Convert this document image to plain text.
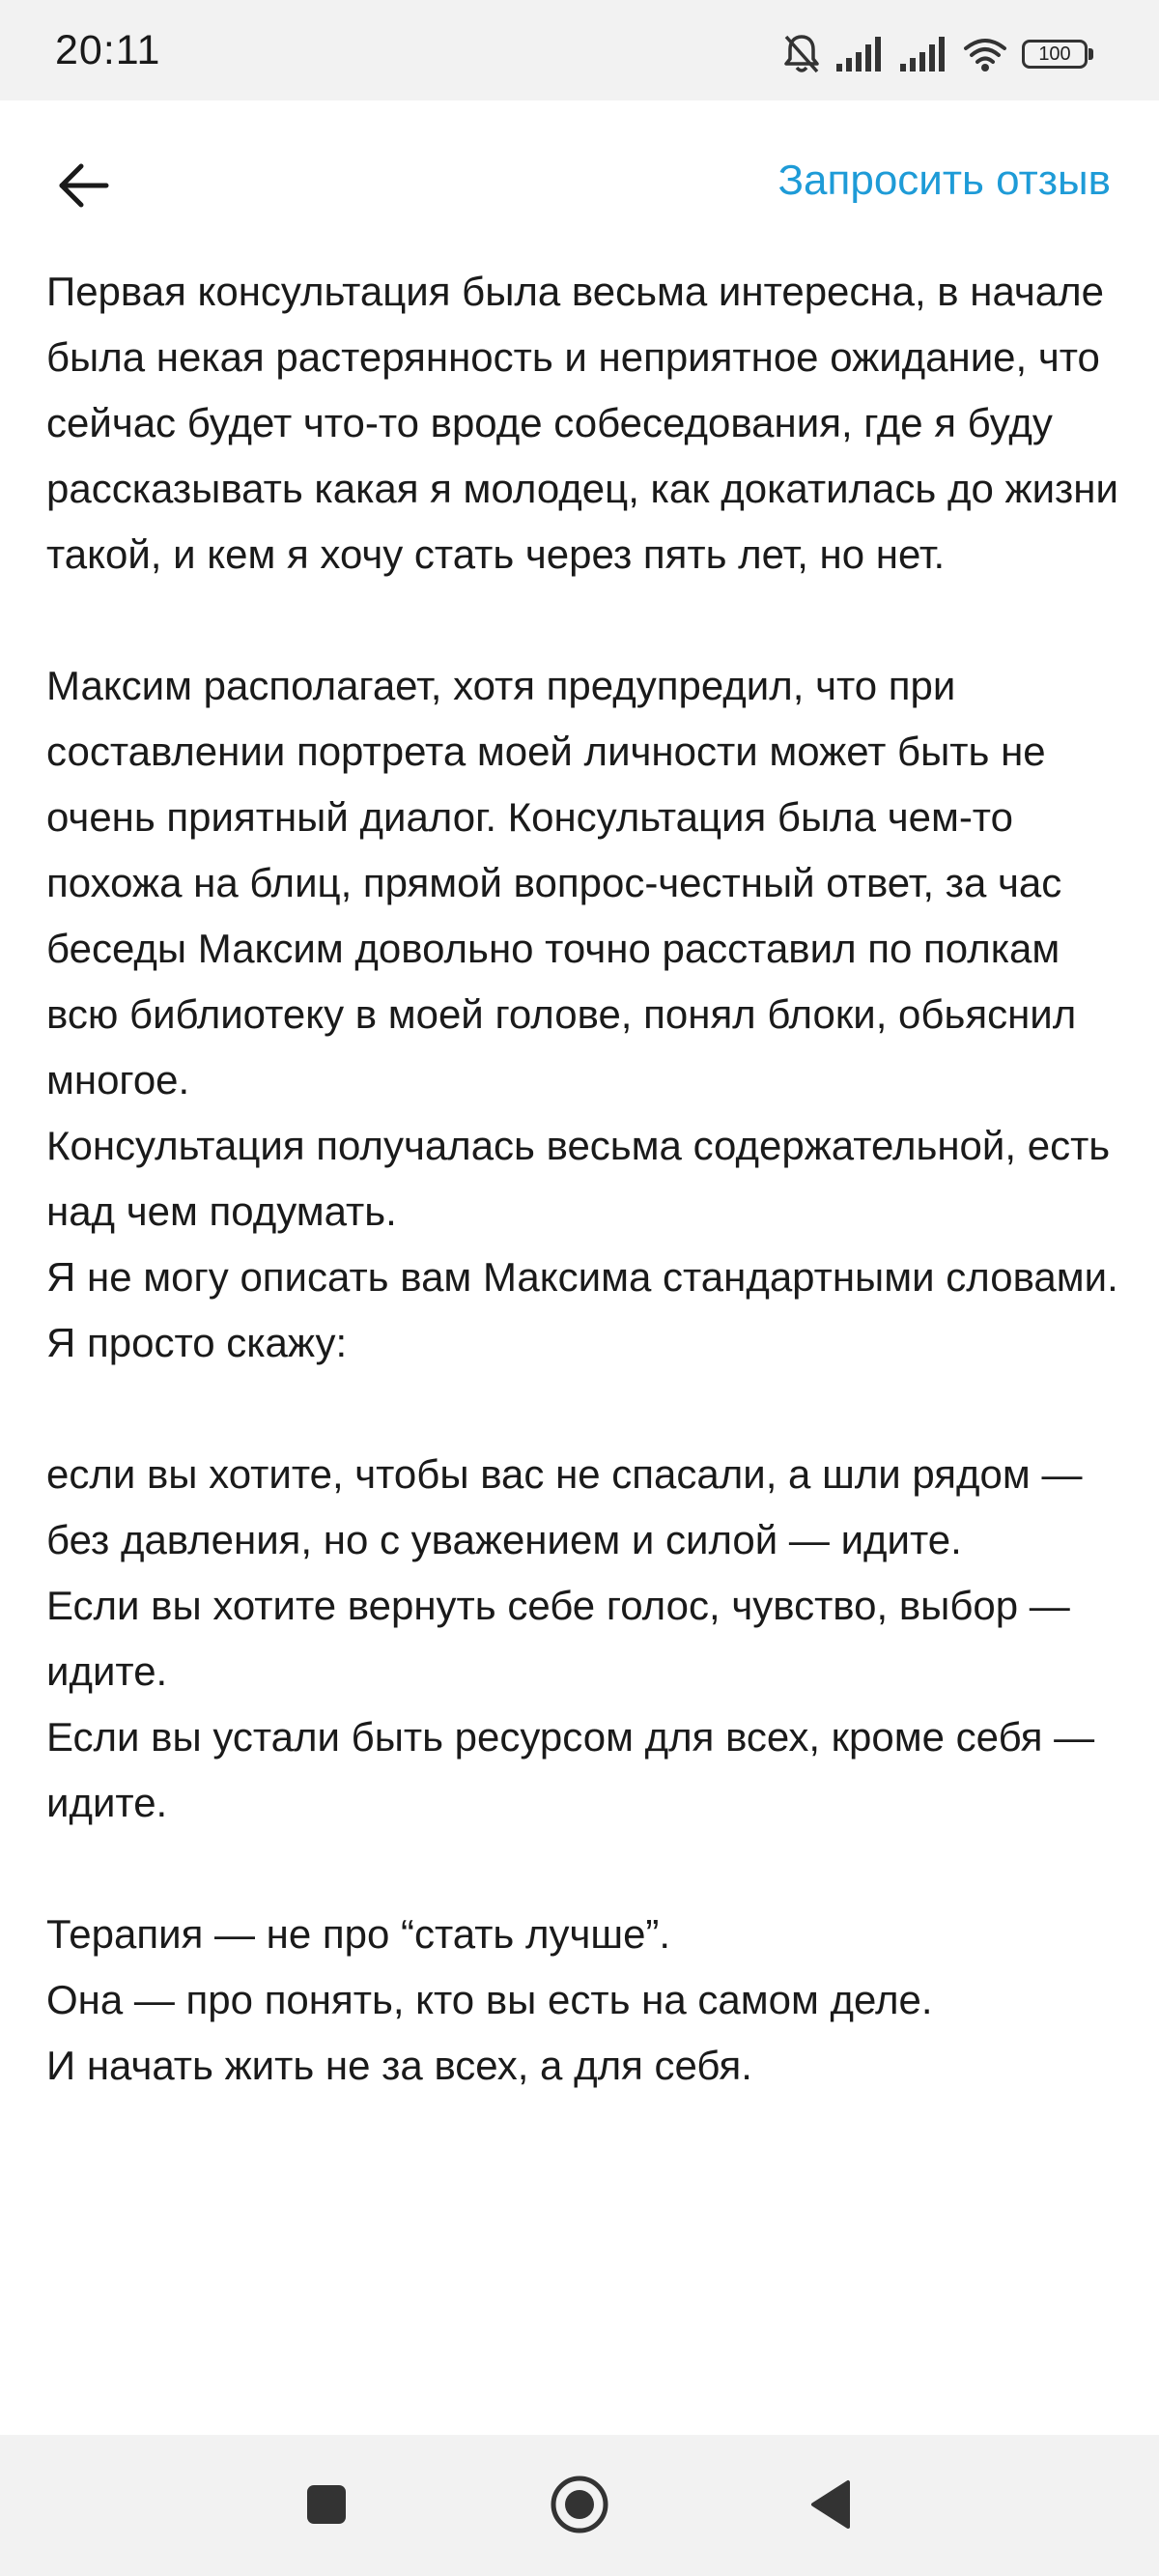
20:11	100
Запросить отзыв

Первая консультация была весьма интересна, в начале была некая растерянность и неприятное ожидание, что сейчас будет что-то вроде собеседования, где я буду рассказывать какая я молодец, как докатилась до жизни такой, и кем я хочу стать через пять лет, но нет.

Максим располагает, хотя предупредил, что при составлении портрета моей личности может быть не очень приятный диалог. Консультация была чем-то похожа на блиц, прямой вопрос-честный ответ, за час беседы Максим довольно точно расставил по полкам всю библиотеку в моей голове, понял блоки, обьяснил многое.
Консультация получалась весьма содержательной, есть над чем подумать.
Я не могу описать вам Максима стандартными словами.
Я просто скажу:

если вы хотите, чтобы вас не спасали, а шли рядом — без давления, но с уважением и силой — идите.
Если вы хотите вернуть себе голос, чувство, выбор — идите.
Если вы устали быть ресурсом для всех, кроме себя — идите.

Терапия — не про “стать лучше”.
Она — про понять, кто вы есть на самом деле.
И начать жить не за всех, а для себя.
